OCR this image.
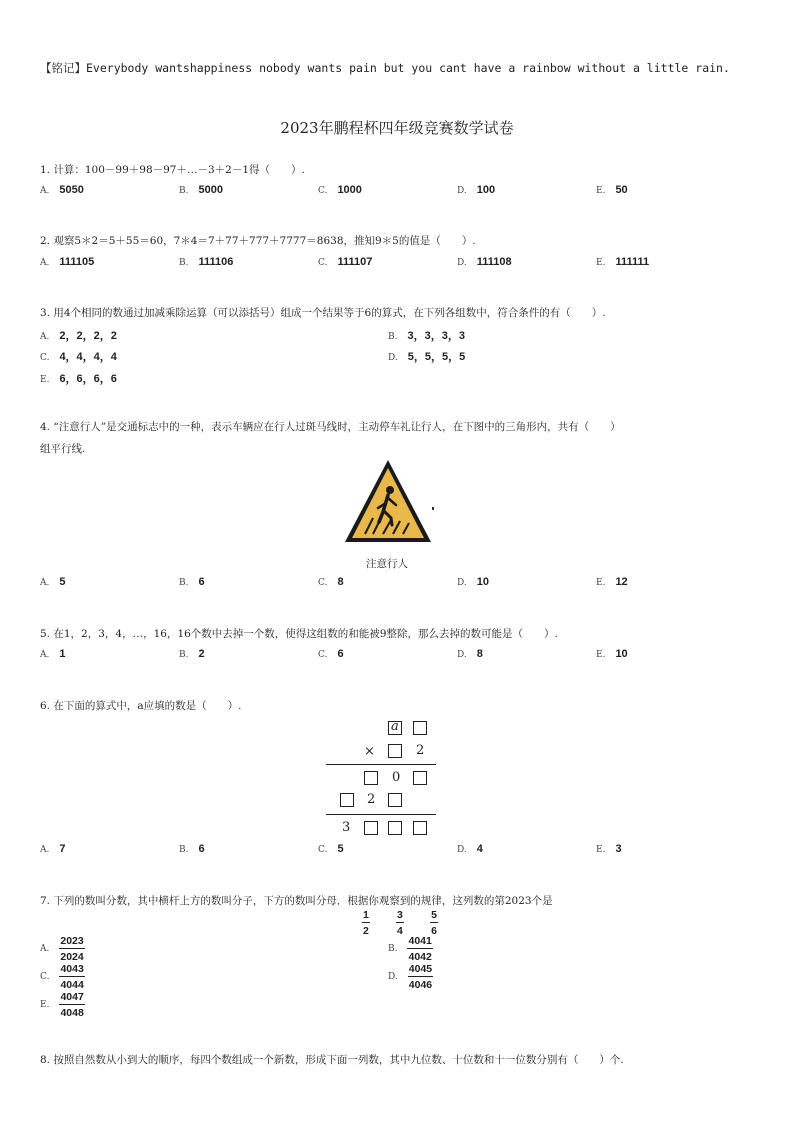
【铭记】Everybody wantshappiness nobody wants pain but you cant have a rainbow without a little rain.
2023年鹏程杯四年级竞赛数学试卷
1. 计算：100－99＋98－97＋…－3＋2－1得（　　）.
A. 5050	B. 5000	C. 1000	D. 100	E. 50
2. 观察5＊2＝5＋55＝60，7＊4＝7＋77＋777＋7777＝8638，推知9＊5的值是（　　）.
A. 111105	B. 111106	C. 111107	D. 111108	E. 111111
3. 用4个相同的数通过加减乘除运算（可以添括号）组成一个结果等于6的算式，在下列各组数中，符合条件的有（　　）.
A. 2，2，2，2	B. 3，3，3，3
C. 4，4，4，4	D. 5，5，5，5
E. 6，6，6，6
4. “注意行人”是交通标志中的一种，表示车辆应在行人过斑马线时，主动停车礼让行人，在下图中的三角形内，共有（　　）
组平行线.
注意行人
A. 5	B. 6	C. 8	D. 10	E. 12
5. 在1，2，3，4，…，16，16个数中去掉一个数，使得这组数的和能被9整除，那么去掉的数可能是（　　）.
A. 1	B. 2	C. 6	D. 8	E. 10
6. 在下面的算式中，a应填的数是（　　）.
a
×	2
0
2
3
A. 7	B. 6	C. 5	D. 4	E. 3
7. 下列的数叫分数，其中横杆上方的数叫分子，下方的数叫分母．根据你观察到的规律，这列数的第2023个是
$\frac{1}{2}$
$\frac{3}{4}$
$\frac{5}{6}$
A. $\frac{2023}{2024}$	B. $\frac{4041}{4042}$
C. $\frac{4043}{4044}$	D. $\frac{4045}{4046}$
E. $\frac{4047}{4048}$
8. 按照自然数从小到大的顺序，每四个数组成一个新数，形成下面一列数，其中九位数、十位数和十一位数分别有（　　）个.
